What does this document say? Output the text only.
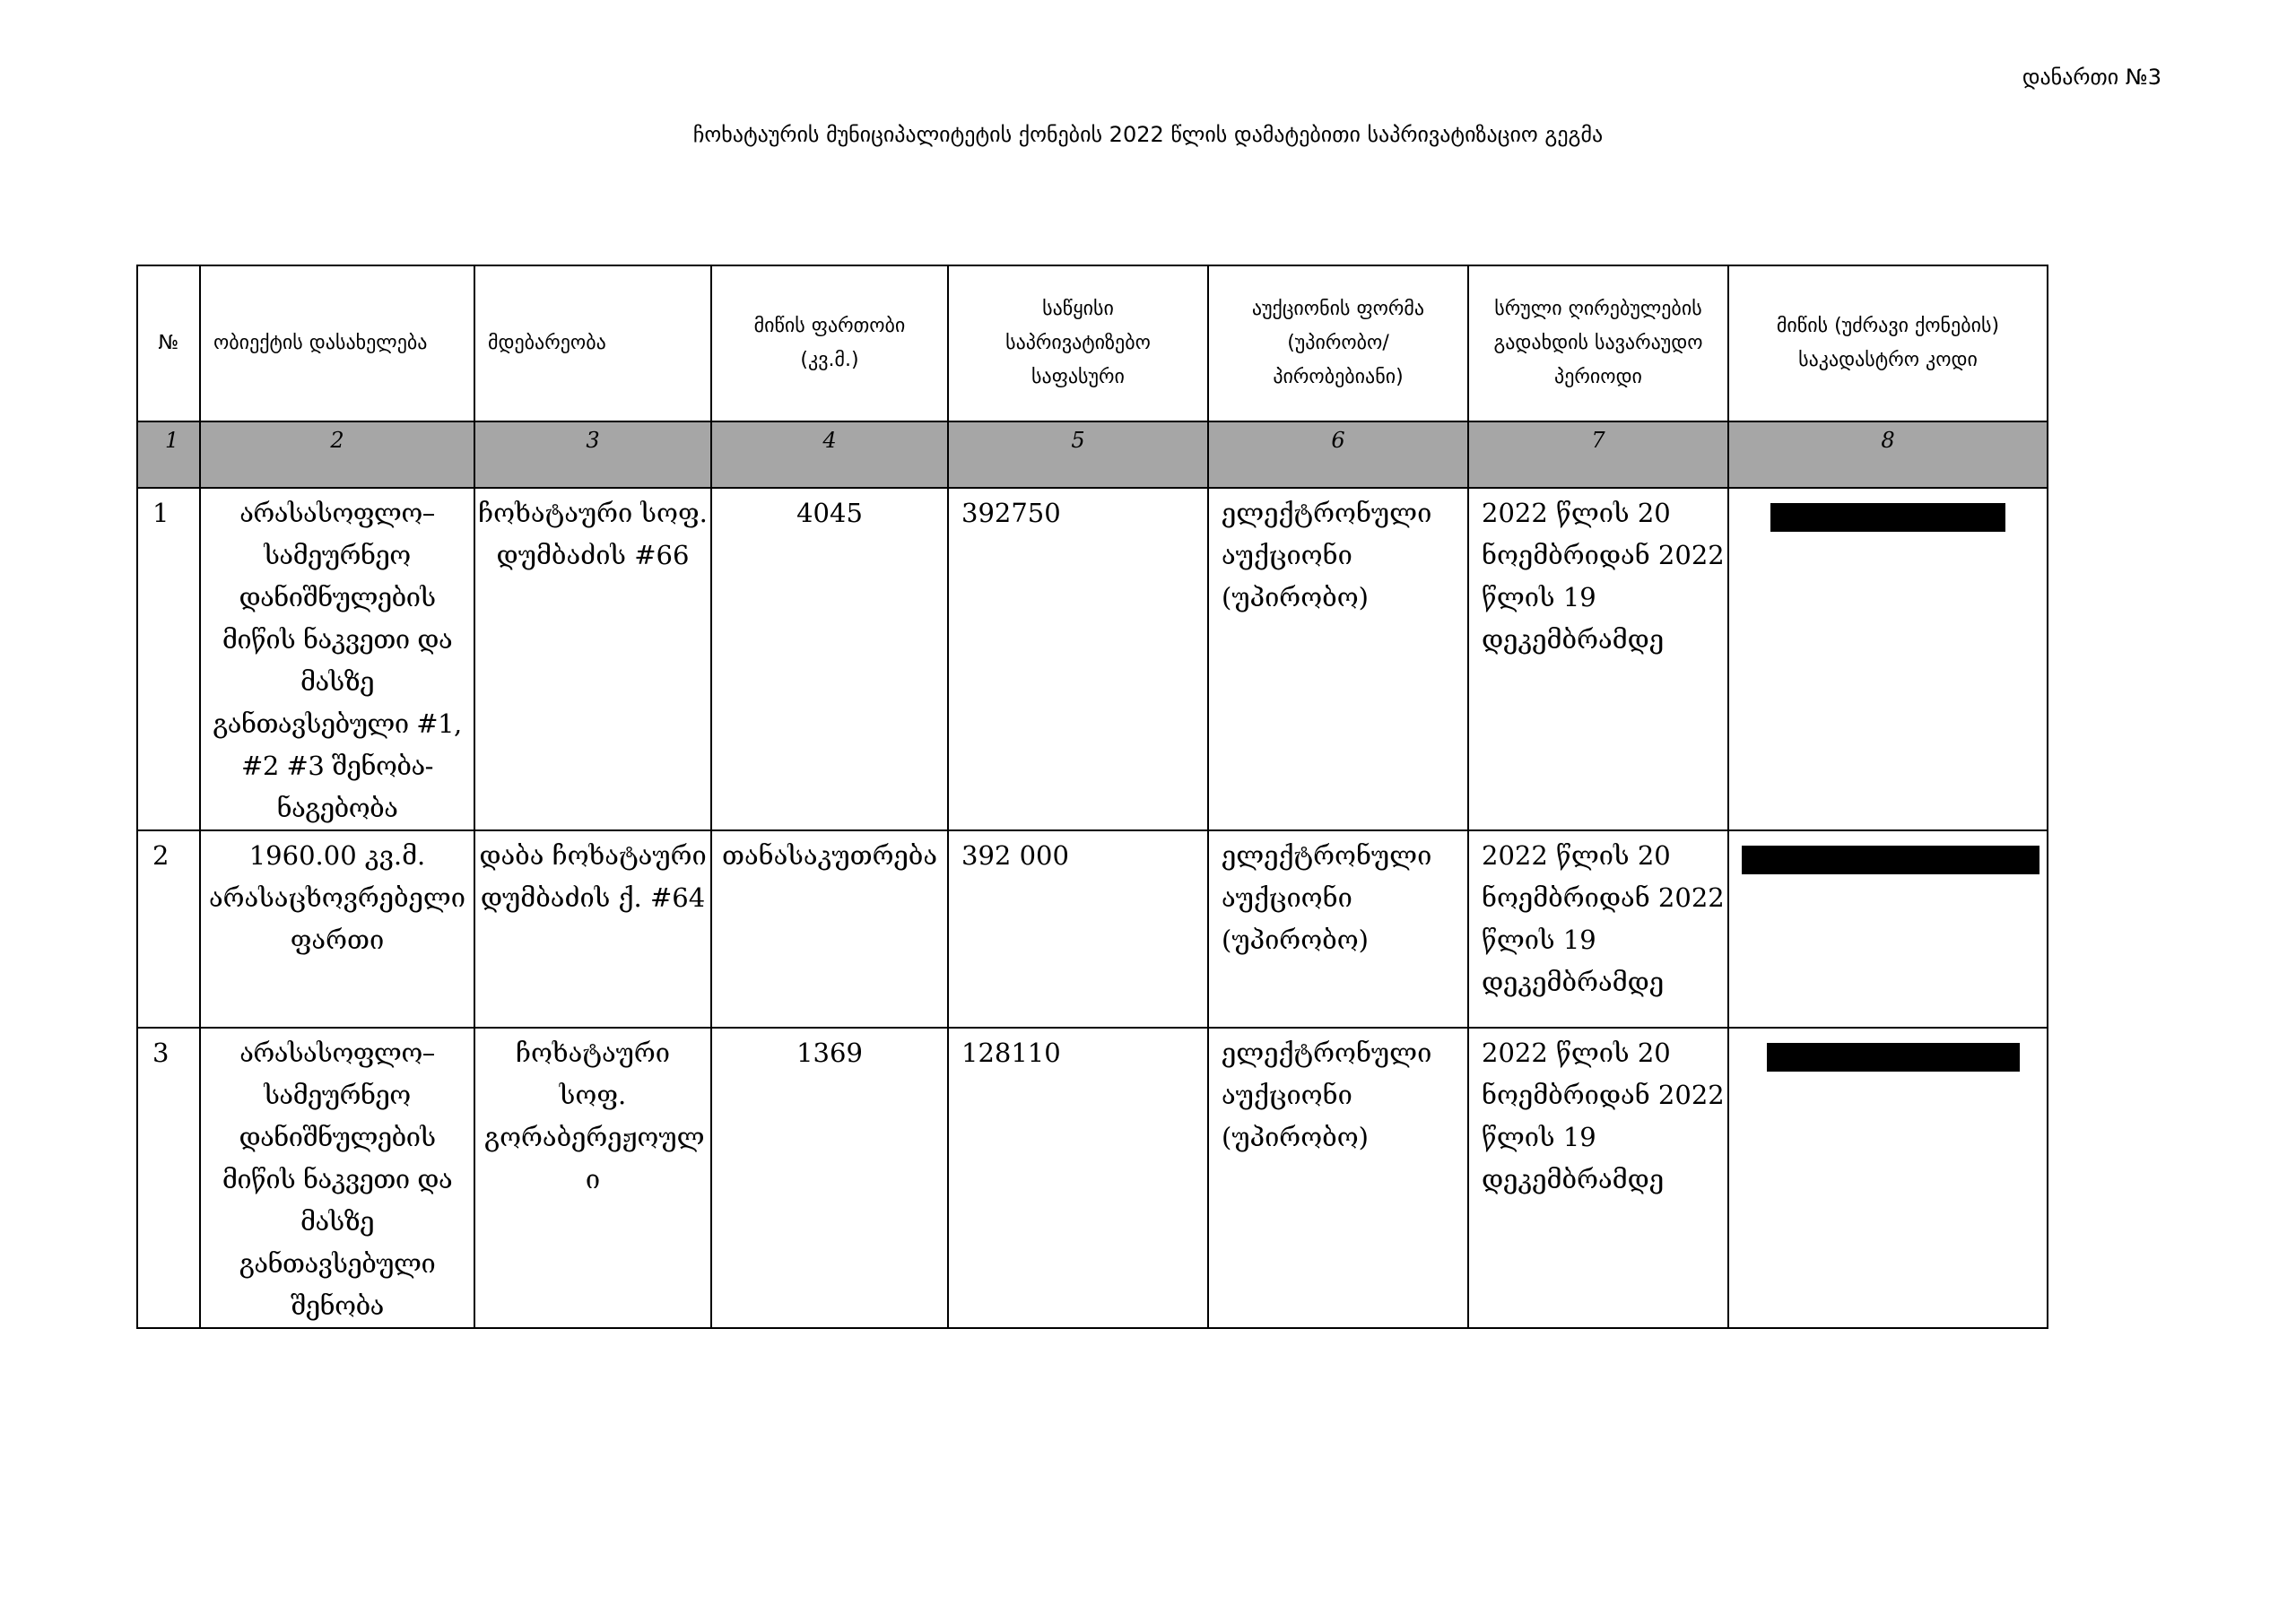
დანართი №3
ჩოხატაურის მუნიციპალიტეტის ქონების 2022 წლის დამატებითი საპრივატიზაციო გეგმა
№	ობიექტის დასახელება	მდებარეობა	მიწის ფართობი (კვ.მ.)	საწყისი საპრივატიზებო საფასური	აუქციონის ფორმა (უპირობო/ პირობებიანი)	სრული ღირებულების გადახდის სავარაუდო პერიოდი	მიწის (უძრავი ქონების) საკადასტრო კოდი

1	2	3	4	5	6	7	8
1	არასასოფლო– სამეურნეო დანიშნულების მიწის ნაკვეთი და მასზე განთავსებული #1, #2 #3 შენობა-ნაგებობა	ჩოხატაური სოფ. დუმბაძის #66	4045	392750	ელექტრონული აუქციონი (უპირობო)	2022 წლის 20 ნოემბრიდან 2022 წლის 19 დეკემბრამდე	

2	1960.00 კვ.მ. არასაცხოვრებელი ფართი	დაბა ჩოხატაური დუმბაძის ქ. #64	თანასაკუთრება	392 000	ელექტრონული აუქციონი (უპირობო)	2022 წლის 20 ნოემბრიდან 2022 წლის 19 დეკემბრამდე	

3	არასასოფლო– სამეურნეო დანიშნულების მიწის ნაკვეთი და მასზე განთავსებული შენობა	ჩოხატაური სოფ. გორაბერეჟოულ ი	1369	128110	ელექტრონული აუქციონი (უპირობო)	2022 წლის 20 ნოემბრიდან 2022 წლის 19 დეკემბრამდე	
